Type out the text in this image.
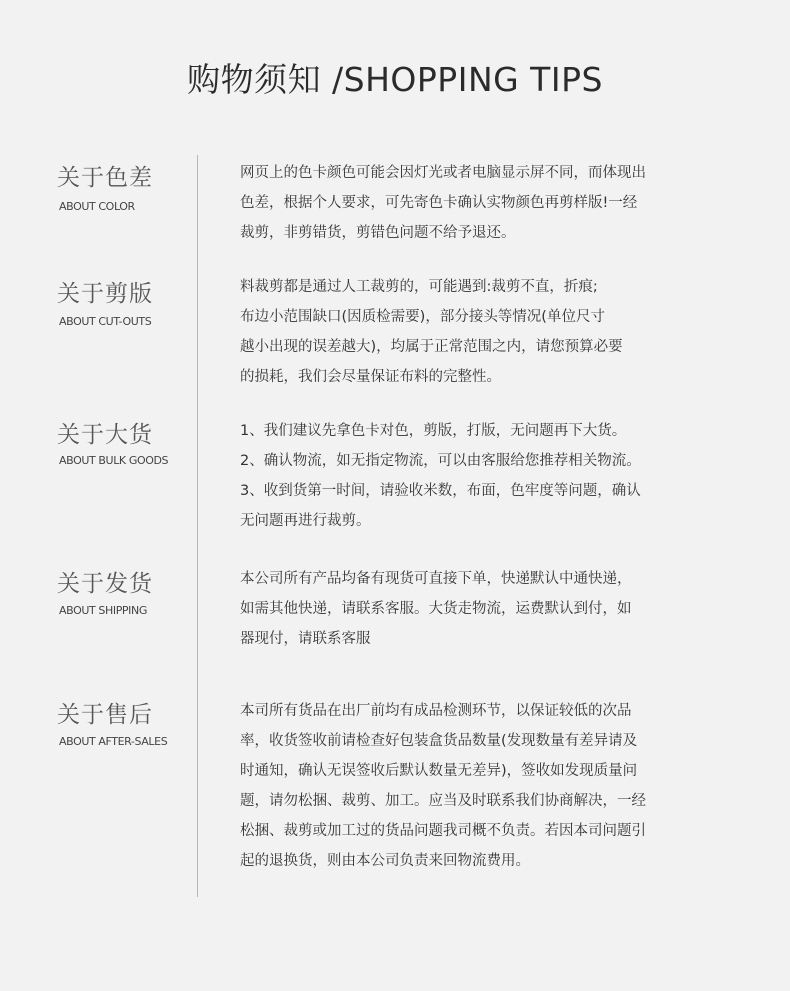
购物须知 /SHOPPING TIPS
关于色差
ABOUT COLOR
网页上的色卡颜色可能会因灯光或者电脑显示屏不同，而体现出
色差，根据个人要求，可先寄色卡确认实物颜色再剪样版!一经
裁剪，非剪错货，剪错色问题不给予退还。
关于剪版
ABOUT CUT-OUTS
料裁剪都是通过人工裁剪的，可能遇到:裁剪不直，折痕;
布边小范围缺口(因质检需要)，部分接头等情况(单位尺寸
越小出现的误差越大)，均属于正常范围之内，请您预算必要
的损耗，我们会尽量保证布料的完整性。
关于大货
ABOUT BULK GOODS
1、我们建议先拿色卡对色，剪版，打版，无问题再下大货。
2、确认物流，如无指定物流，可以由客服给您推荐相关物流。
3、收到货第一时间，请验收米数，布面，色牢度等问题，确认
无问题再进行裁剪。
关于发货
ABOUT SHIPPING
本公司所有产品均备有现货可直接下单，快递默认中通快递，
如需其他快递，请联系客服。大货走物流，运费默认到付，如
器现付，请联系客服
关于售后
ABOUT AFTER-SALES
本司所有货品在出厂前均有成品检测环节，以保证较低的次品
率，收货签收前请检查好包装盒货品数量(发现数量有差异请及
时通知，确认无误签收后默认数量无差异)，签收如发现质量问
题，请勿松捆、裁剪、加工。应当及时联系我们协商解决，一经
松捆、裁剪或加工过的货品问题我司概不负责。若因本司问题引
起的退换货，则由本公司负责来回物流费用。
